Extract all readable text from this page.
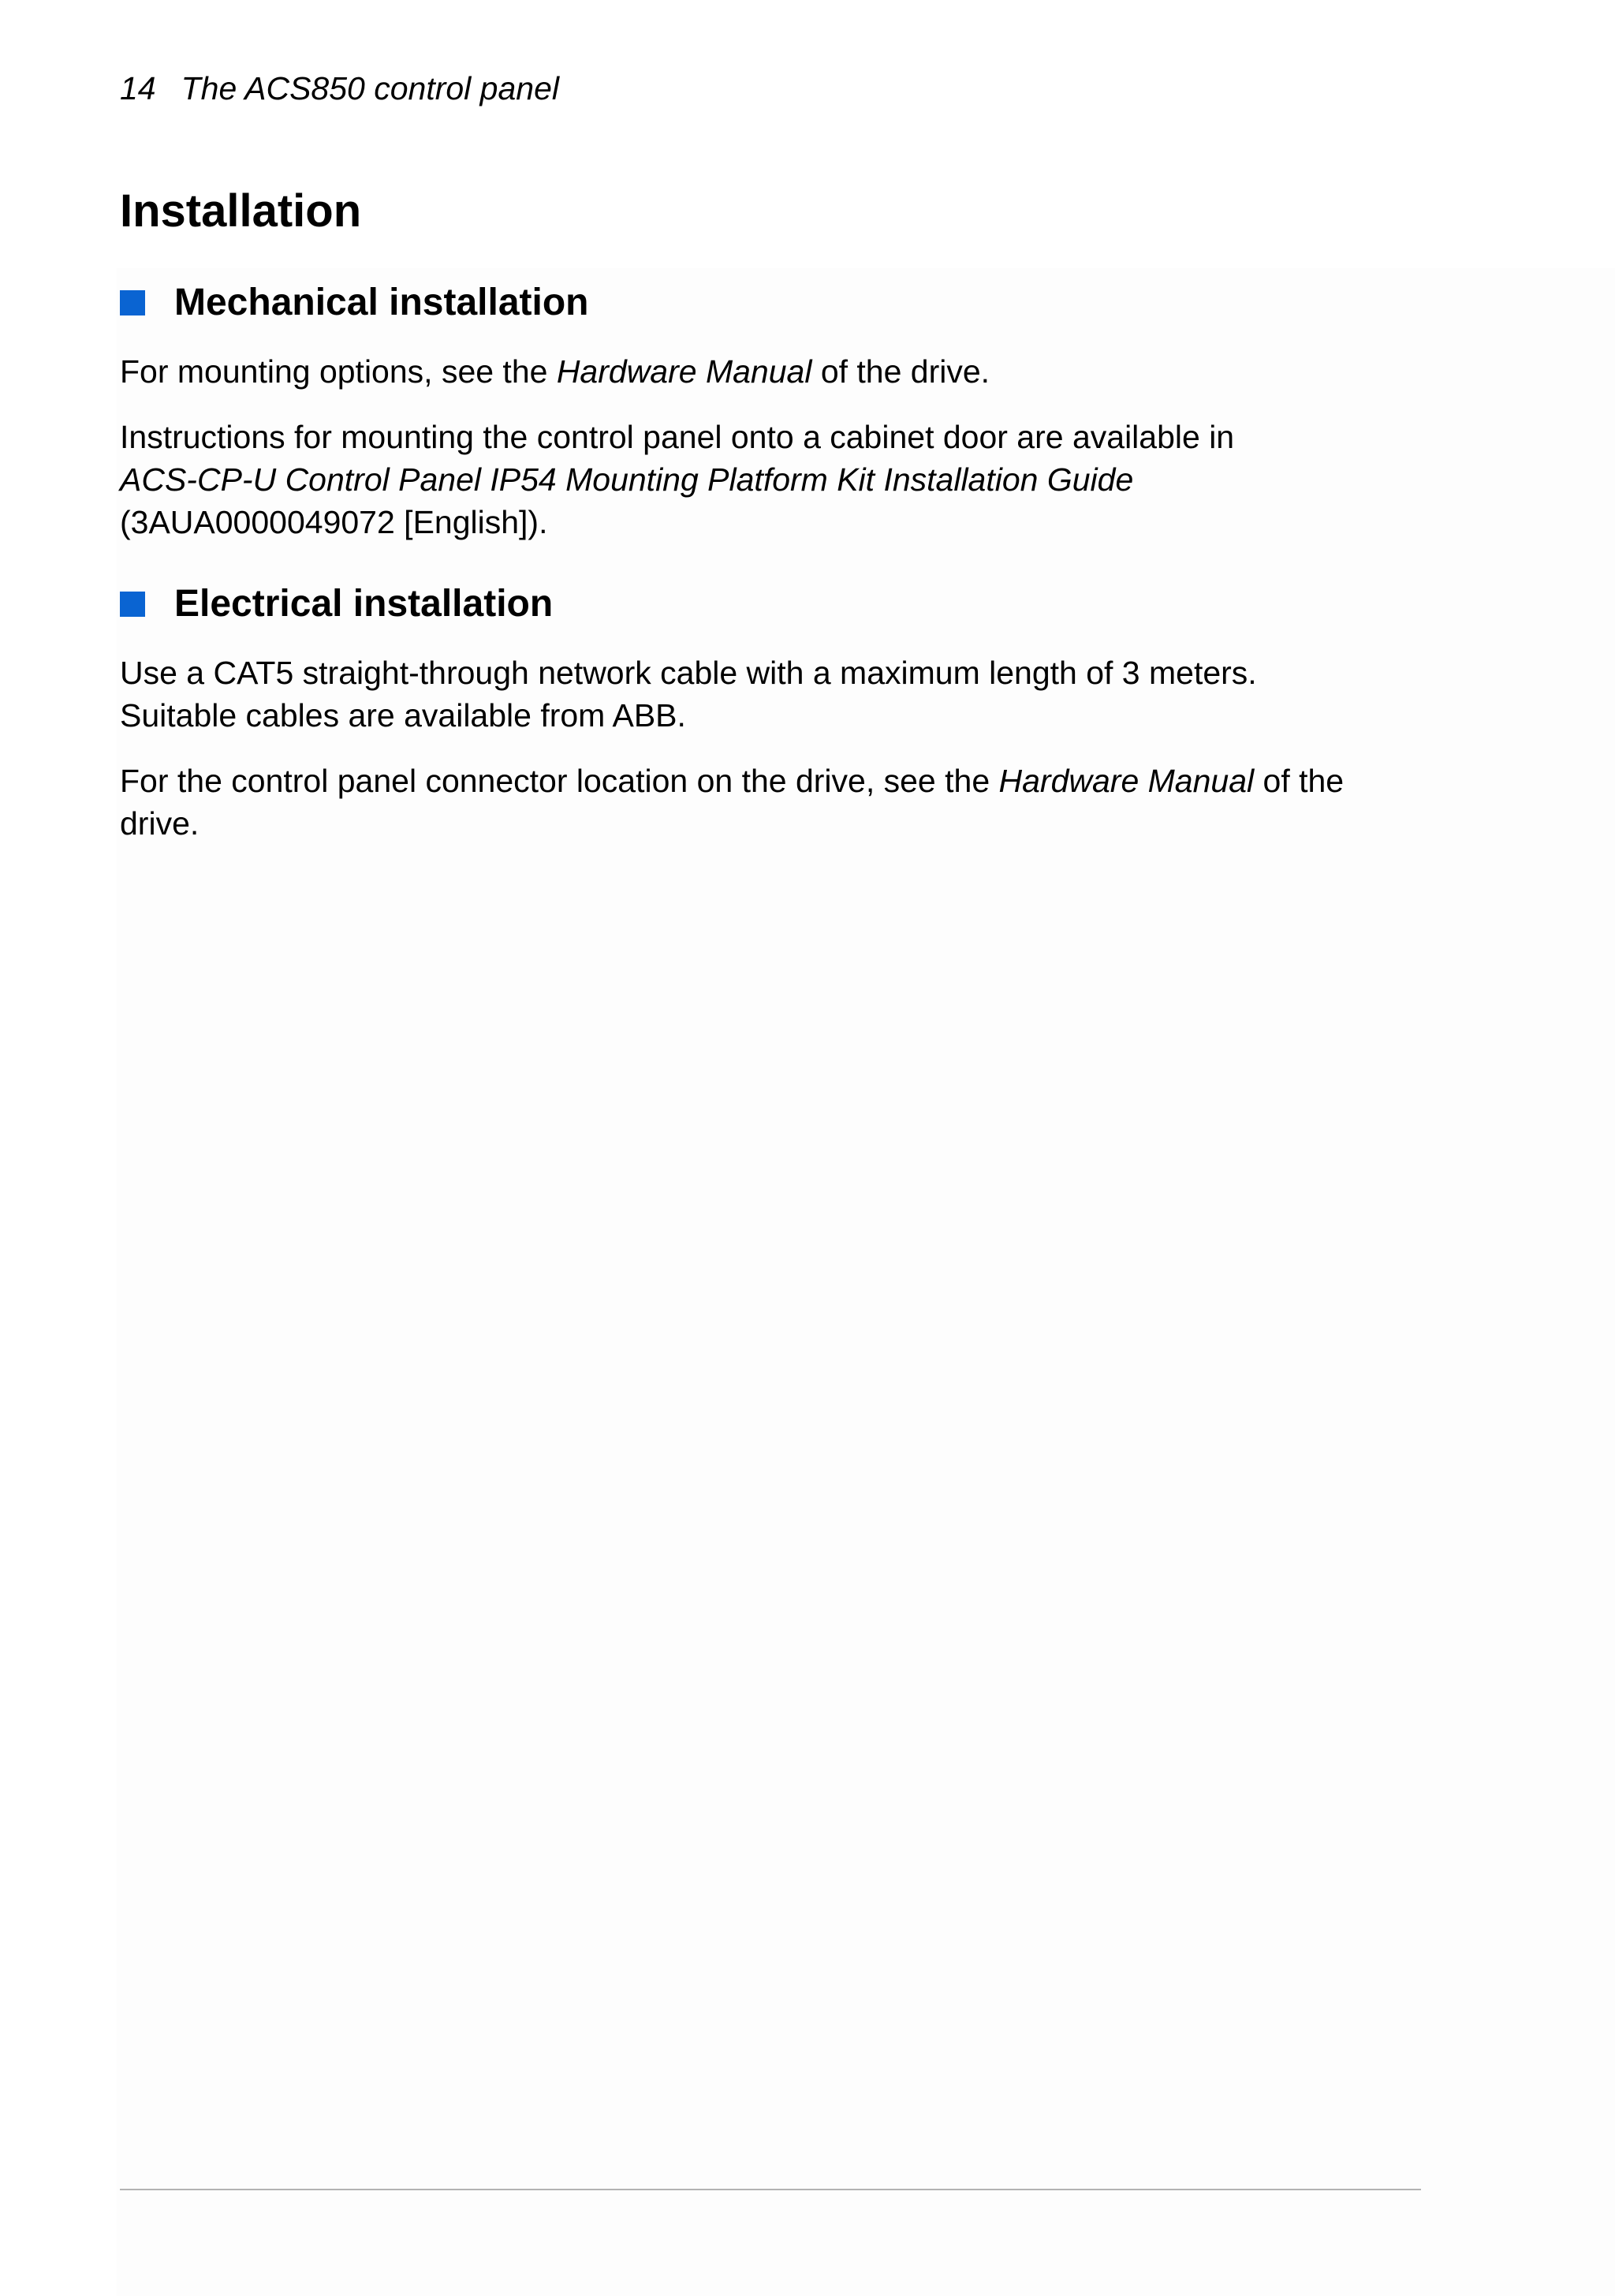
14 The ACS850 control panel
Installation
Mechanical installation

For mounting options, see the Hardware Manual of the drive.

Instructions for mounting the control panel onto a cabinet door are available in
ACS-CP-U Control Panel IP54 Mounting Platform Kit Installation Guide
(3AUA0000049072 [English]).

Electrical installation

Use a CAT5 straight-through network cable with a maximum length of 3 meters.
Suitable cables are available from ABB.

For the control panel connector location on the drive, see the Hardware Manual of the
drive.
